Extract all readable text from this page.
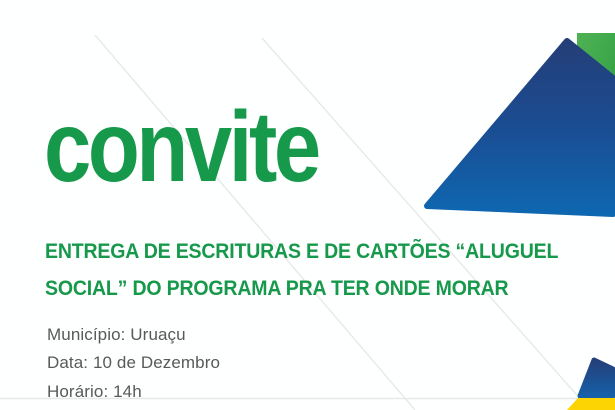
convite
ENTREGA DE ESCRITURAS E DE CARTÕES “ALUGUEL
SOCIAL” DO PROGRAMA PRA TER ONDE MORAR
Município: Uruaçu
Data: 10 de Dezembro
Horário: 14h
